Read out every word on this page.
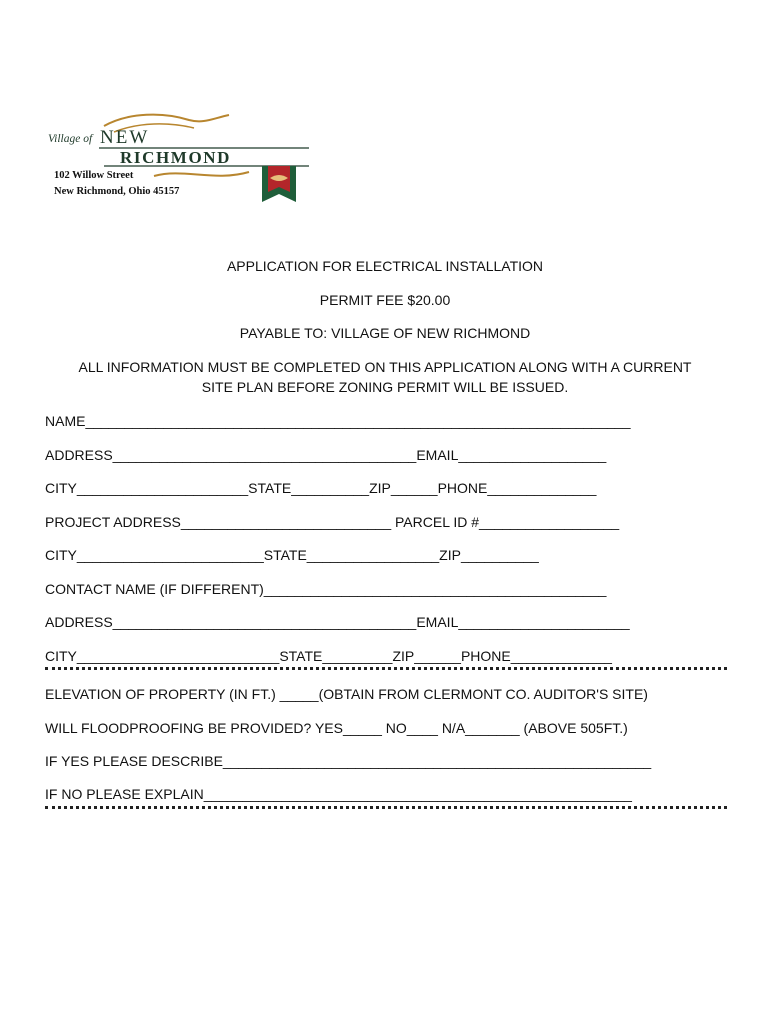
Village of NEW
RICHMOND
102 Willow Street
New Richmond, Ohio 45157
APPLICATION FOR ELECTRICAL INSTALLATION
PERMIT FEE $20.00
PAYABLE TO: VILLAGE OF NEW RICHMOND
ALL INFORMATION MUST BE COMPLETED ON THIS APPLICATION ALONG WITH A CURRENT
SITE PLAN BEFORE ZONING PERMIT WILL BE ISSUED.
NAME______________________________________________________________________
ADDRESS_______________________________________EMAIL___________________
CITY______________________STATE__________ZIP______PHONE______________
PROJECT ADDRESS___________________________ PARCEL ID #__________________
CITY________________________STATE_________________ZIP__________
CONTACT NAME (IF DIFFERENT)____________________________________________
ADDRESS_______________________________________EMAIL______________________
CITY__________________________STATE_________ZIP______PHONE_____________
ELEVATION OF PROPERTY (IN FT.) _____(OBTAIN FROM CLERMONT CO. AUDITOR'S SITE)
WILL FLOODPROOFING BE PROVIDED? YES_____ NO____ N/A_______ (ABOVE 505FT.)
IF YES PLEASE DESCRIBE_______________________________________________________
IF NO PLEASE EXPLAIN_______________________________________________________
